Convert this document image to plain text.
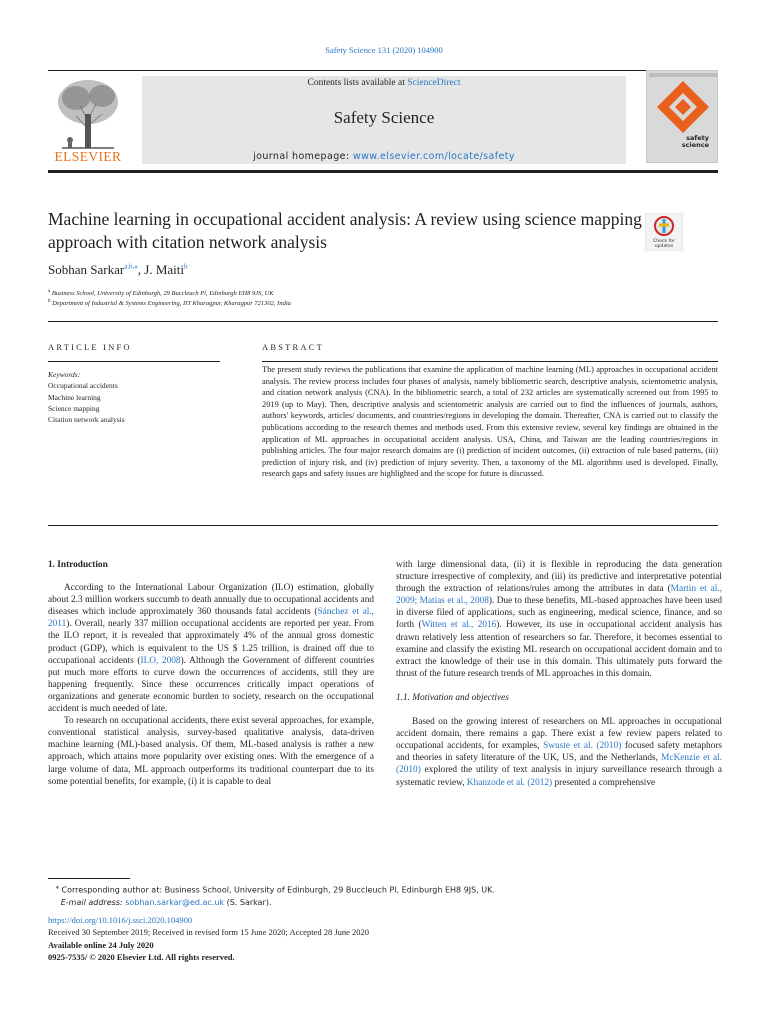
Safety Science 131 (2020) 104900
ELSEVIER
Contents lists available at ScienceDirect
Safety Science
journal homepage: www.elsevier.com/locate/safety
safety
science
Machine learning in occupational accident analysis: A review using science mapping approach with citation network analysis	Check for
updates
Sobhan Sarkar$^{a,b,⁎}$, J. Maiti$^b$
$^a$ Business School, University of Edinburgh, 29 Buccleuch Pl, Edinburgh EH8 9JS, UK
$^b$ Department of Industrial & Systems Engineering, IIT Kharagpur, Kharagpur 721302, India
ARTICLE INFO	ABSTRACT
Keywords:
Occupational accidents
Machine learning
Science mapping
Citation network analysis

The present study reviews the publications that examine the application of machine learning (ML) approaches in occupational accident analysis. The review process includes four phases of analysis, namely bibliometric search, descriptive analysis, scientometric analysis, and citation network analysis (CNA). In the bibliometric search, a total of 232 articles are systematically screened out from 1995 to 2019 (up to May). Then, descriptive analysis and scientometric analysis are carried out to find the influences of journals, authors, authors' keywords, articles/ documents, and countries/regions in developing the domain. Thereafter, CNA is carried out to classify the publications according to the research themes and methods used. From this extensive review, several key findings are obtained in the application of ML approaches in occupational accident analysis. USA, China, and Taiwan are the leading countries/regions in publishing articles. The four major research domains are (i) prediction of incident outcomes, (ii) extraction of rule based patterns, (iii) prediction of injury risk, and (iv) prediction of injury severity. Then, a taxonomy of the ML algorithms used is developed. Finally, research gaps and safety issues are highlighted and the scope for future is discussed.

1. Introduction

According to the International Labour Organization (ILO) estimation, globally about 2.3 million workers succumb to death annually due to occupational accidents and diseases which include approximately 360 thousands fatal accidents (Sánchez et al., 2011). Overall, nearly 337 million occupational accidents are reported per year. From the ILO report, it is revealed that approximately 4% of the annual gross domestic product (GDP), which is equivalent to the US $ 1.25 trillion, is drained off due to occupational accidents (ILO, 2008). Although the Government of different countries put much more efforts to curve down the occurrences of accidents, still they are happening frequently. Since these occurrences critically impact operations of organizations and generate economic burden to society, research on the occupational accident is much needed of late.

To research on occupational accidents, there exist several approaches, for example, conventional statistical analysis, survey-based qualitative analysis, data-driven machine learning (ML)-based analysis. Of them, ML-based analysis is rather a new approach, which attains more popularity over existing ones. With the emergence of a large volume of data, ML approach outperforms its traditional counterpart due to its some potential benefits, for example, (i) it is capable to deal

with large dimensional data, (ii) it is flexible in reproducing the data generation structure irrespective of complexity, and (iii) its predictive and interpretative potential through the extraction of relations/rules among the attributes in data (Martin et al., 2009; Matías et al., 2008). Due to these benefits, ML-based approaches have been used in diverse filed of applications, such as engineering, medical science, finance, and so forth (Witten et al., 2016). However, its use in occupational accident analysis has drawn relatively less attention of researchers so far. Therefore, it becomes essential to examine and classify the existing ML research on occupational accident domain and to extract the knowledge of their use in this domain. This ultimately puts forward the thrust of the future research trends of ML approaches in this domain.

1.1. Motivation and objectives

Based on the growing interest of researchers on ML approaches in occupational accident domain, there remains a gap. There exist a few review papers related to occupational accidents, for examples, Swuste et al. (2010) focused safety metaphors and theories in safety literature of the UK, US, and the Netherlands, McKenzie et al. (2010) explored the utility of text analysis in injury surveillance research through a systematic review, Khanzode et al. (2012) presented a comprehensive

⁎ Corresponding author at: Business School, University of Edinburgh, 29 Buccleuch Pl, Edinburgh EH8 9JS, UK.

E-mail address: sobhan.sarkar@ed.ac.uk (S. Sarkar).

https://doi.org/10.1016/j.ssci.2020.104900

Received 30 September 2019; Received in revised form 15 June 2020; Accepted 28 June 2020

Available online 24 July 2020

0925-7535/ © 2020 Elsevier Ltd. All rights reserved.
